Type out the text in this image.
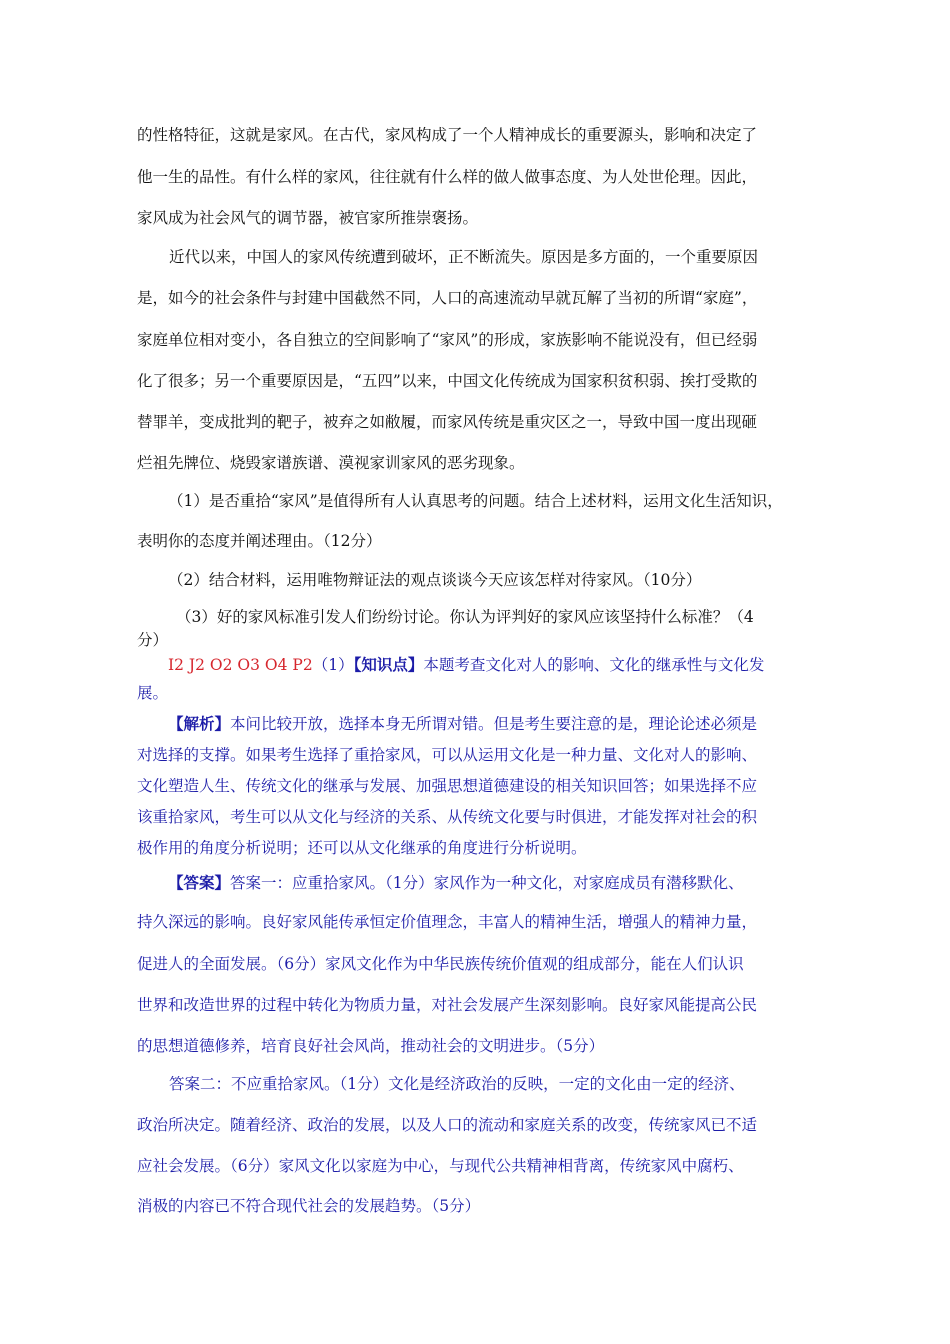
的性格特征，这就是家风。在古代，家风构成了一个人精神成长的重要源头，影响和决定了
他一生的品性。有什么样的家风，往往就有什么样的做人做事态度、为人处世伦理。因此，
家风成为社会风气的调节器，被官家所推崇褒扬。
近代以来，中国人的家风传统遭到破坏，正不断流失。原因是多方面的，一个重要原因
是，如今的社会条件与封建中国截然不同，人口的高速流动早就瓦解了当初的所谓“家庭”，
家庭单位相对变小，各自独立的空间影响了“家风”的形成，家族影响不能说没有，但已经弱
化了很多；另一个重要原因是，“五四”以来，中国文化传统成为国家积贫积弱、挨打受欺的
替罪羊，变成批判的靶子，被弃之如敝履，而家风传统是重灾区之一，导致中国一度出现砸
烂祖先牌位、烧毁家谱族谱、漠视家训家风的恶劣现象。
（1）是否重拾“家风”是值得所有人认真思考的问题。结合上述材料，运用文化生活知识，
表明你的态度并阐述理由。（12分）
（2）结合材料，运用唯物辩证法的观点谈谈今天应该怎样对待家风。（10分）
（3）好的家风标准引发人们纷纷讨论。你认为评判好的家风应该坚持什么标准？（4
分）
I2 J2 O2 O3 O4 P2（1）【知识点】本题考查文化对人的影响、文化的继承性与文化发
展。
【解析】本问比较开放，选择本身无所谓对错。但是考生要注意的是，理论论述必须是
对选择的支撑。如果考生选择了重拾家风，可以从运用文化是一种力量、文化对人的影响、
文化塑造人生、传统文化的继承与发展、加强思想道德建设的相关知识回答；如果选择不应
该重拾家风，考生可以从文化与经济的关系、从传统文化要与时俱进，才能发挥对社会的积
极作用的角度分析说明；还可以从文化继承的角度进行分析说明。
【答案】答案一：应重拾家风。（1分）家风作为一种文化，对家庭成员有潜移默化、
持久深远的影响。良好家风能传承恒定价值理念，丰富人的精神生活，增强人的精神力量，
促进人的全面发展。（6分）家风文化作为中华民族传统价值观的组成部分，能在人们认识
世界和改造世界的过程中转化为物质力量，对社会发展产生深刻影响。良好家风能提高公民
的思想道德修养，培育良好社会风尚，推动社会的文明进步。（5分）
答案二：不应重拾家风。（1分）文化是经济政治的反映，一定的文化由一定的经济、
政治所决定。随着经济、政治的发展，以及人口的流动和家庭关系的改变，传统家风已不适
应社会发展。（6分）家风文化以家庭为中心，与现代公共精神相背离，传统家风中腐朽、
消极的内容已不符合现代社会的发展趋势。（5分）
